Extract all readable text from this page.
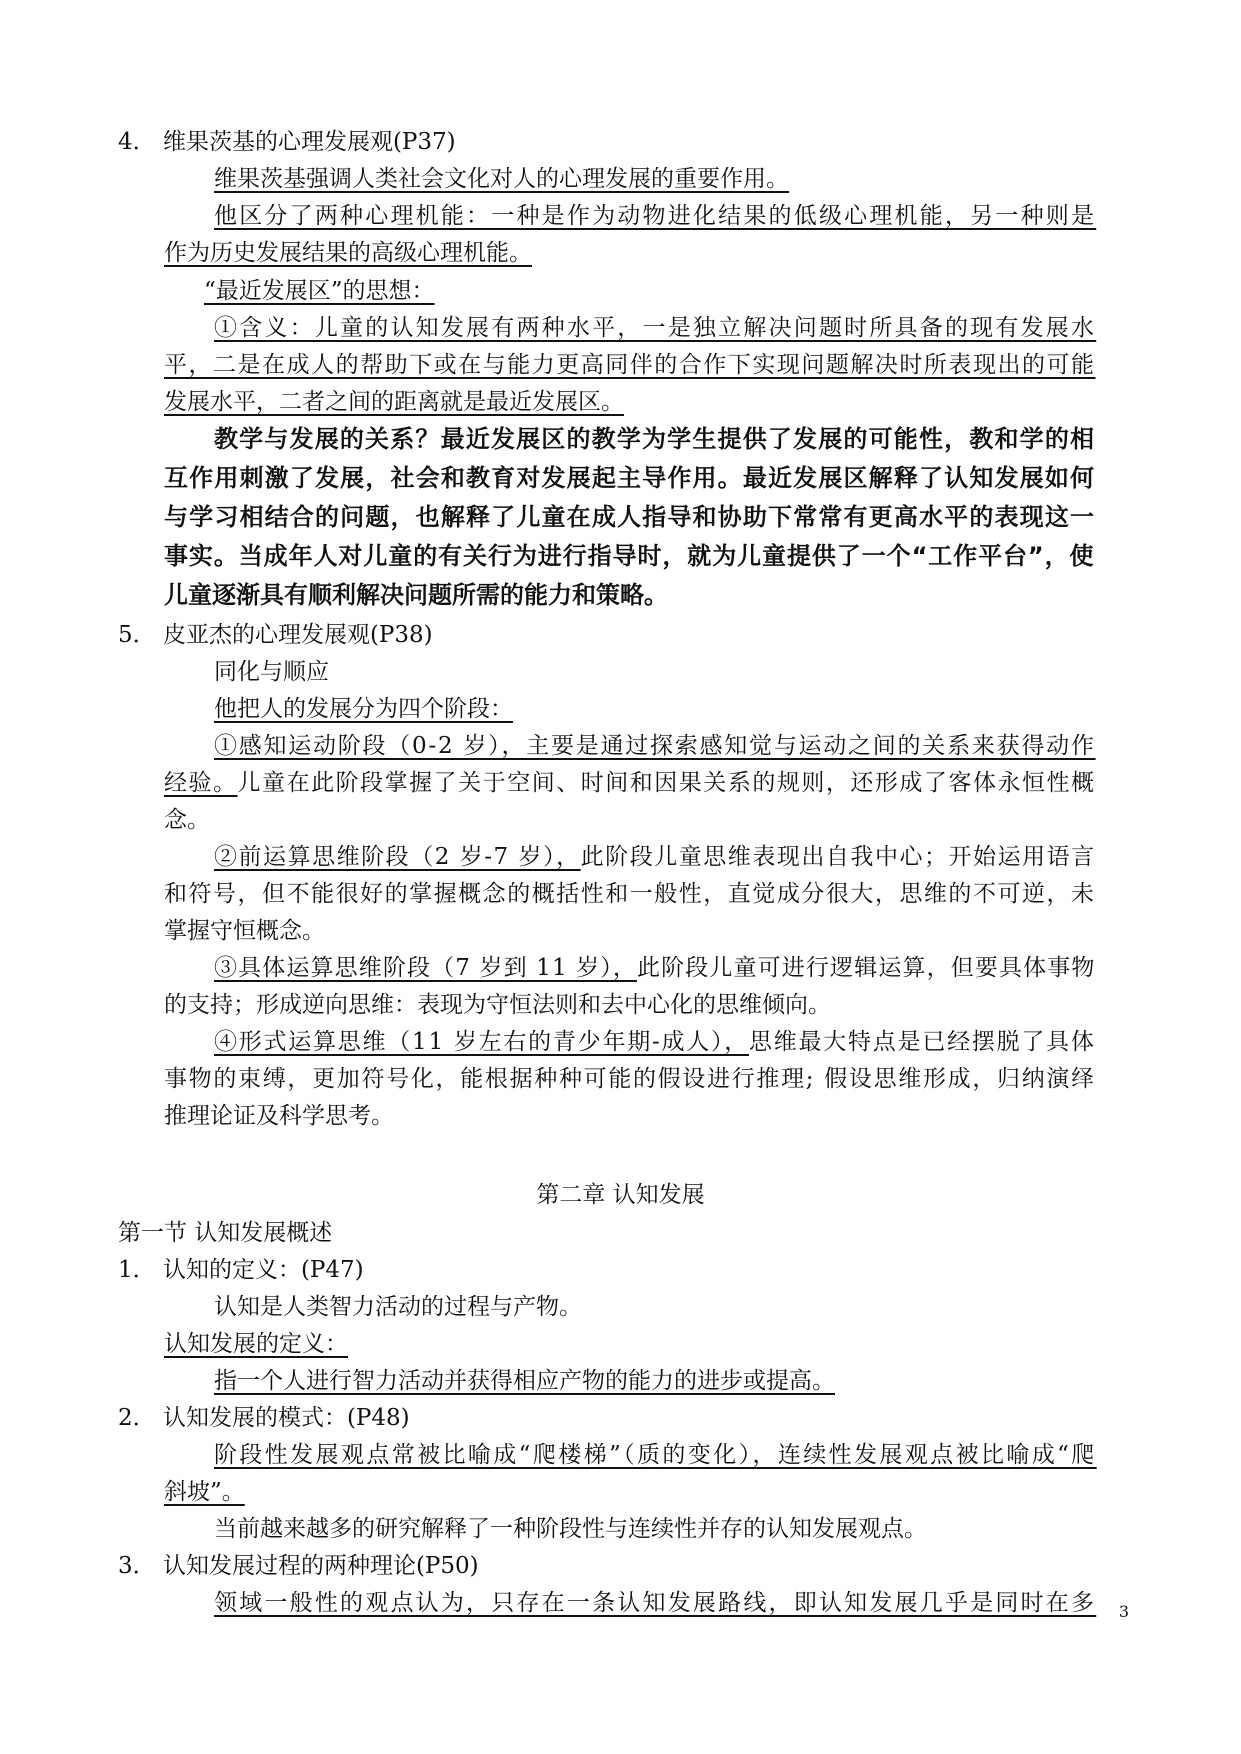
4． 维果茨基的心理发展观(P37)
维果茨基强调人类社会文化对人的心理发展的重要作用。
他区分了两种心理机能：一种是作为动物进化结果的低级心理机能，另一种则是
作为历史发展结果的高级心理机能。
“最近发展区”的思想：
①含义：儿童的认知发展有两种水平，一是独立解决问题时所具备的现有发展水
平，二是在成人的帮助下或在与能力更高同伴的合作下实现问题解决时所表现出的可能
发展水平，二者之间的距离就是最近发展区。
教学与发展的关系？最近发展区的教学为学生提供了发展的可能性，教和学的相
互作用刺激了发展，社会和教育对发展起主导作用。最近发展区解释了认知发展如何
与学习相结合的问题，也解释了儿童在成人指导和协助下常常有更高水平的表现这一
事实。当成年人对儿童的有关行为进行指导时，就为儿童提供了一个“工作平台”，使
儿童逐渐具有顺利解决问题所需的能力和策略。
5． 皮亚杰的心理发展观(P38)
同化与顺应
他把人的发展分为四个阶段：
①感知运动阶段（0-2 岁），主要是通过探索感知觉与运动之间的关系来获得动作
经验。儿童在此阶段掌握了关于空间、时间和因果关系的规则，还形成了客体永恒性概
念。
②前运算思维阶段（2 岁-7 岁），此阶段儿童思维表现出自我中心；开始运用语言
和符号，但不能很好的掌握概念的概括性和一般性，直觉成分很大，思维的不可逆，未
掌握守恒概念。
③具体运算思维阶段（7 岁到 11 岁），此阶段儿童可进行逻辑运算，但要具体事物
的支持；形成逆向思维：表现为守恒法则和去中心化的思维倾向。
④形式运算思维（11 岁左右的青少年期-成人），思维最大特点是已经摆脱了具体
事物的束缚，更加符号化，能根据种种可能的假设进行推理; 假设思维形成，归纳演绎
推理论证及科学思考。
第二章 认知发展
第一节 认知发展概述
1． 认知的定义：(P47)
认知是人类智力活动的过程与产物。
认知发展的定义：
指一个人进行智力活动并获得相应产物的能力的进步或提高。
2． 认知发展的模式：(P48)
阶段性发展观点常被比喻成“爬楼梯”（质的变化），连续性发展观点被比喻成“爬
斜坡”。
当前越来越多的研究解释了一种阶段性与连续性并存的认知发展观点。
3． 认知发展过程的两种理论(P50)
领域一般性的观点认为，只存在一条认知发展路线，即认知发展几乎是同时在多 3
